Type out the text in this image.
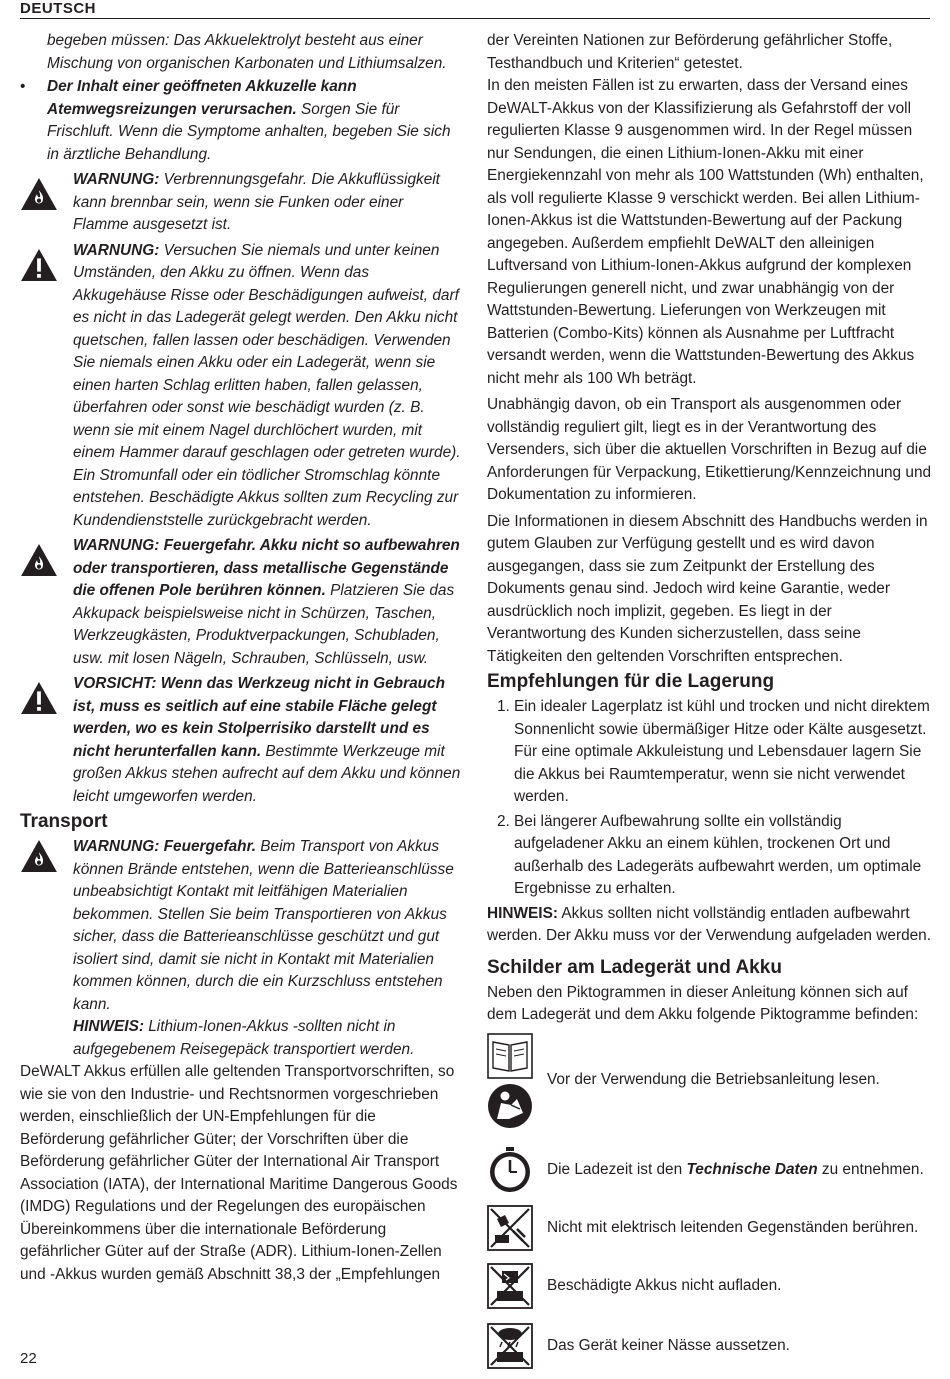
DEUTSCH

begeben müssen: Das Akkuelektrolyt besteht aus einer Mischung von organischen Karbonaten und Lithiumsalzen.

• Der Inhalt einer geöffneten Akkuzelle kann Atemwegsreizungen verursachen. Sorgen Sie für Frischluft. Wenn die Symptome anhalten, begeben Sie sich in ärztliche Behandlung.

WARNUNG: Verbrennungsgefahr. Die Akkuflüssigkeit kann brennbar sein, wenn sie Funken oder einer Flamme ausgesetzt ist.

WARNUNG: Versuchen Sie niemals und unter keinen Umständen, den Akku zu öffnen. Wenn das Akkugehäuse Risse oder Beschädigungen aufweist, darf es nicht in das Ladegerät gelegt werden. Den Akku nicht quetschen, fallen lassen oder beschädigen. Verwenden Sie niemals einen Akku oder ein Ladegerät, wenn sie einen harten Schlag erlitten haben, fallen gelassen, überfahren oder sonst wie beschädigt wurden (z. B. wenn sie mit einem Nagel durchlöchert wurden, mit einem Hammer darauf geschlagen oder getreten wurde). Ein Stromunfall oder ein tödlicher Stromschlag könnte entstehen. Beschädigte Akkus sollten zum Recycling zur Kundendienststelle zurückgebracht werden.

WARNUNG: Feuergefahr. Akku nicht so aufbewahren oder transportieren, dass metallische Gegenstände die offenen Pole berühren können. Platzieren Sie das Akkupack beispielsweise nicht in Schürzen, Taschen, Werkzeugkästen, Produktverpackungen, Schubladen, usw. mit losen Nägeln, Schrauben, Schlüsseln, usw.

VORSICHT: Wenn das Werkzeug nicht in Gebrauch ist, muss es seitlich auf eine stabile Fläche gelegt werden, wo es kein Stolperrisiko darstellt und es nicht herunterfallen kann. Bestimmte Werkzeuge mit großen Akkus stehen aufrecht auf dem Akku und können leicht umgeworfen werden.

Transport

WARNUNG: Feuergefahr. Beim Transport von Akkus können Brände entstehen, wenn die Batterieanschlüsse unbeabsichtigt Kontakt mit leitfähigen Materialien bekommen. Stellen Sie beim Transportieren von Akkus sicher, dass die Batterieanschlüsse geschützt und gut isoliert sind, damit sie nicht in Kontakt mit Materialien kommen können, durch die ein Kurzschluss entstehen kann.

HINWEIS: Lithium-Ionen-Akkus -sollten nicht in aufgegebenem Reisegepäck transportiert werden.

DeWALT Akkus erfüllen alle geltenden Transportvorschriften, so wie sie von den Industrie- und Rechtsnormen vorgeschrieben werden, einschließlich der UN-Empfehlungen für die Beförderung gefährlicher Güter; der Vorschriften über die Beförderung gefährlicher Güter der International Air Transport Association (IATA), der International Maritime Dangerous Goods (IMDG) Regulations und der Regelungen des europäischen Übereinkommens über die internationale Beförderung gefährlicher Güter auf der Straße (ADR). Lithium-Ionen-Zellen und -Akkus wurden gemäß Abschnitt 38,3 der „Empfehlungen

der Vereinten Nationen zur Beförderung gefährlicher Stoffe, Testhandbuch und Kriterien“ getestet.

In den meisten Fällen ist zu erwarten, dass der Versand eines DeWALT-Akkus von der Klassifizierung als Gefahrstoff der voll regulierten Klasse 9 ausgenommen wird. In der Regel müssen nur Sendungen, die einen Lithium-Ionen-Akku mit einer Energiekennzahl von mehr als 100 Wattstunden (Wh) enthalten, als voll regulierte Klasse 9 verschickt werden. Bei allen Lithium-Ionen-Akkus ist die Wattstunden-Bewertung auf der Packung angegeben. Außerdem empfiehlt DeWALT den alleinigen Luftversand von Lithium-Ionen-Akkus aufgrund der komplexen Regulierungen generell nicht, und zwar unabhängig von der Wattstunden-Bewertung. Lieferungen von Werkzeugen mit Batterien (Combo-Kits) können als Ausnahme per Luftfracht versandt werden, wenn die Wattstunden-Bewertung des Akkus nicht mehr als 100 Wh beträgt.

Unabhängig davon, ob ein Transport als ausgenommen oder vollständig reguliert gilt, liegt es in der Verantwortung des Versenders, sich über die aktuellen Vorschriften in Bezug auf die Anforderungen für Verpackung, Etikettierung/Kennzeichnung und Dokumentation zu informieren.

Die Informationen in diesem Abschnitt des Handbuchs werden in gutem Glauben zur Verfügung gestellt und es wird davon ausgegangen, dass sie zum Zeitpunkt der Erstellung des Dokuments genau sind. Jedoch wird keine Garantie, weder ausdrücklich noch implizit, gegeben. Es liegt in der Verantwortung des Kunden sicherzustellen, dass seine Tätigkeiten den geltenden Vorschriften entsprechen.

Empfehlungen für die Lagerung
1. Ein idealer Lagerplatz ist kühl und trocken und nicht direktem Sonnenlicht sowie übermäßiger Hitze oder Kälte ausgesetzt. Für eine optimale Akkuleistung und Lebensdauer lagern Sie die Akkus bei Raumtemperatur, wenn sie nicht verwendet werden.
2. Bei längerer Aufbewahrung sollte ein vollständig aufgeladener Akku an einem kühlen, trockenen Ort und außerhalb des Ladegeräts aufbewahrt werden, um optimale Ergebnisse zu erhalten.

HINWEIS: Akkus sollten nicht vollständig entladen aufbewahrt werden. Der Akku muss vor der Verwendung aufgeladen werden.

Schilder am Ladegerät und Akku

Neben den Piktogrammen in dieser Anleitung können sich auf dem Ladegerät und dem Akku folgende Piktogramme befinden:

Vor der Verwendung die Betriebsanleitung lesen.
Die Ladezeit ist den Technische Daten zu entnehmen.
Nicht mit elektrisch leitenden Gegenständen berühren.
Beschädigte Akkus nicht aufladen.
Das Gerät keiner Nässe aussetzen.
22
